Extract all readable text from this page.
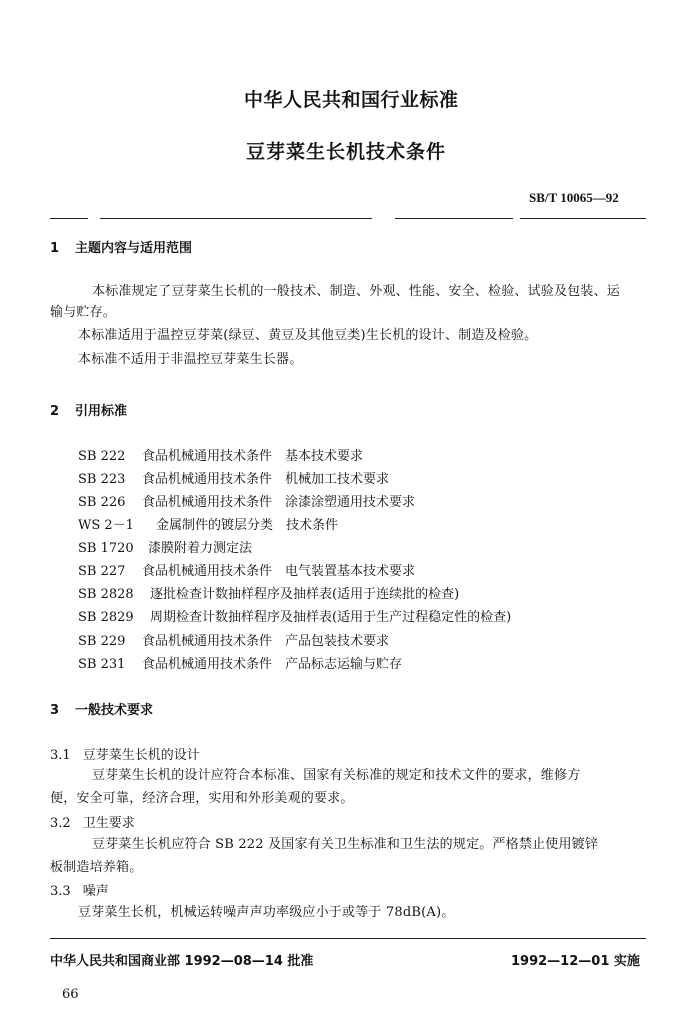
中华人民共和国行业标准
豆芽菜生长机技术条件
SB/T 10065—92
1 主题内容与适用范围
本标准规定了豆芽菜生长机的一般技术、制造、外观、性能、安全、检验、试验及包装、运
输与贮存。
本标准适用于温控豆芽菜(绿豆、黄豆及其他豆类)生长机的设计、制造及检验。
本标准不适用于非温控豆芽菜生长器。
2 引用标准
SB 222 食品机械通用技术条件　基本技术要求
SB 223 食品机械通用技术条件　机械加工技术要求
SB 226 食品机械通用技术条件　涂漆涂塑通用技术要求
WS 2－1 金属制件的镀层分类　技术条件
SB 1720 漆膜附着力测定法
SB 227 食品机械通用技术条件　电气装置基本技术要求
SB 2828 逐批检查计数抽样程序及抽样表(适用于连续批的检查)
SB 2829 周期检查计数抽样程序及抽样表(适用于生产过程稳定性的检查)
SB 229 食品机械通用技术条件　产品包装技术要求
SB 231 食品机械通用技术条件　产品标志运输与贮存
3 一般技术要求
3.1 豆芽菜生长机的设计
豆芽菜生长机的设计应符合本标准、国家有关标准的规定和技术文件的要求，维修方
便，安全可靠，经济合理，实用和外形美观的要求。
3.2 卫生要求
豆芽菜生长机应符合 SB 222 及国家有关卫生标准和卫生法的规定。严格禁止使用镀锌
板制造培养箱。
3.3 噪声
豆芽菜生长机，机械运转噪声声功率级应小于或等于 78dB(A)。
中华人民共和国商业部 1992—08—14 批准	1992—12—01 实施
66
